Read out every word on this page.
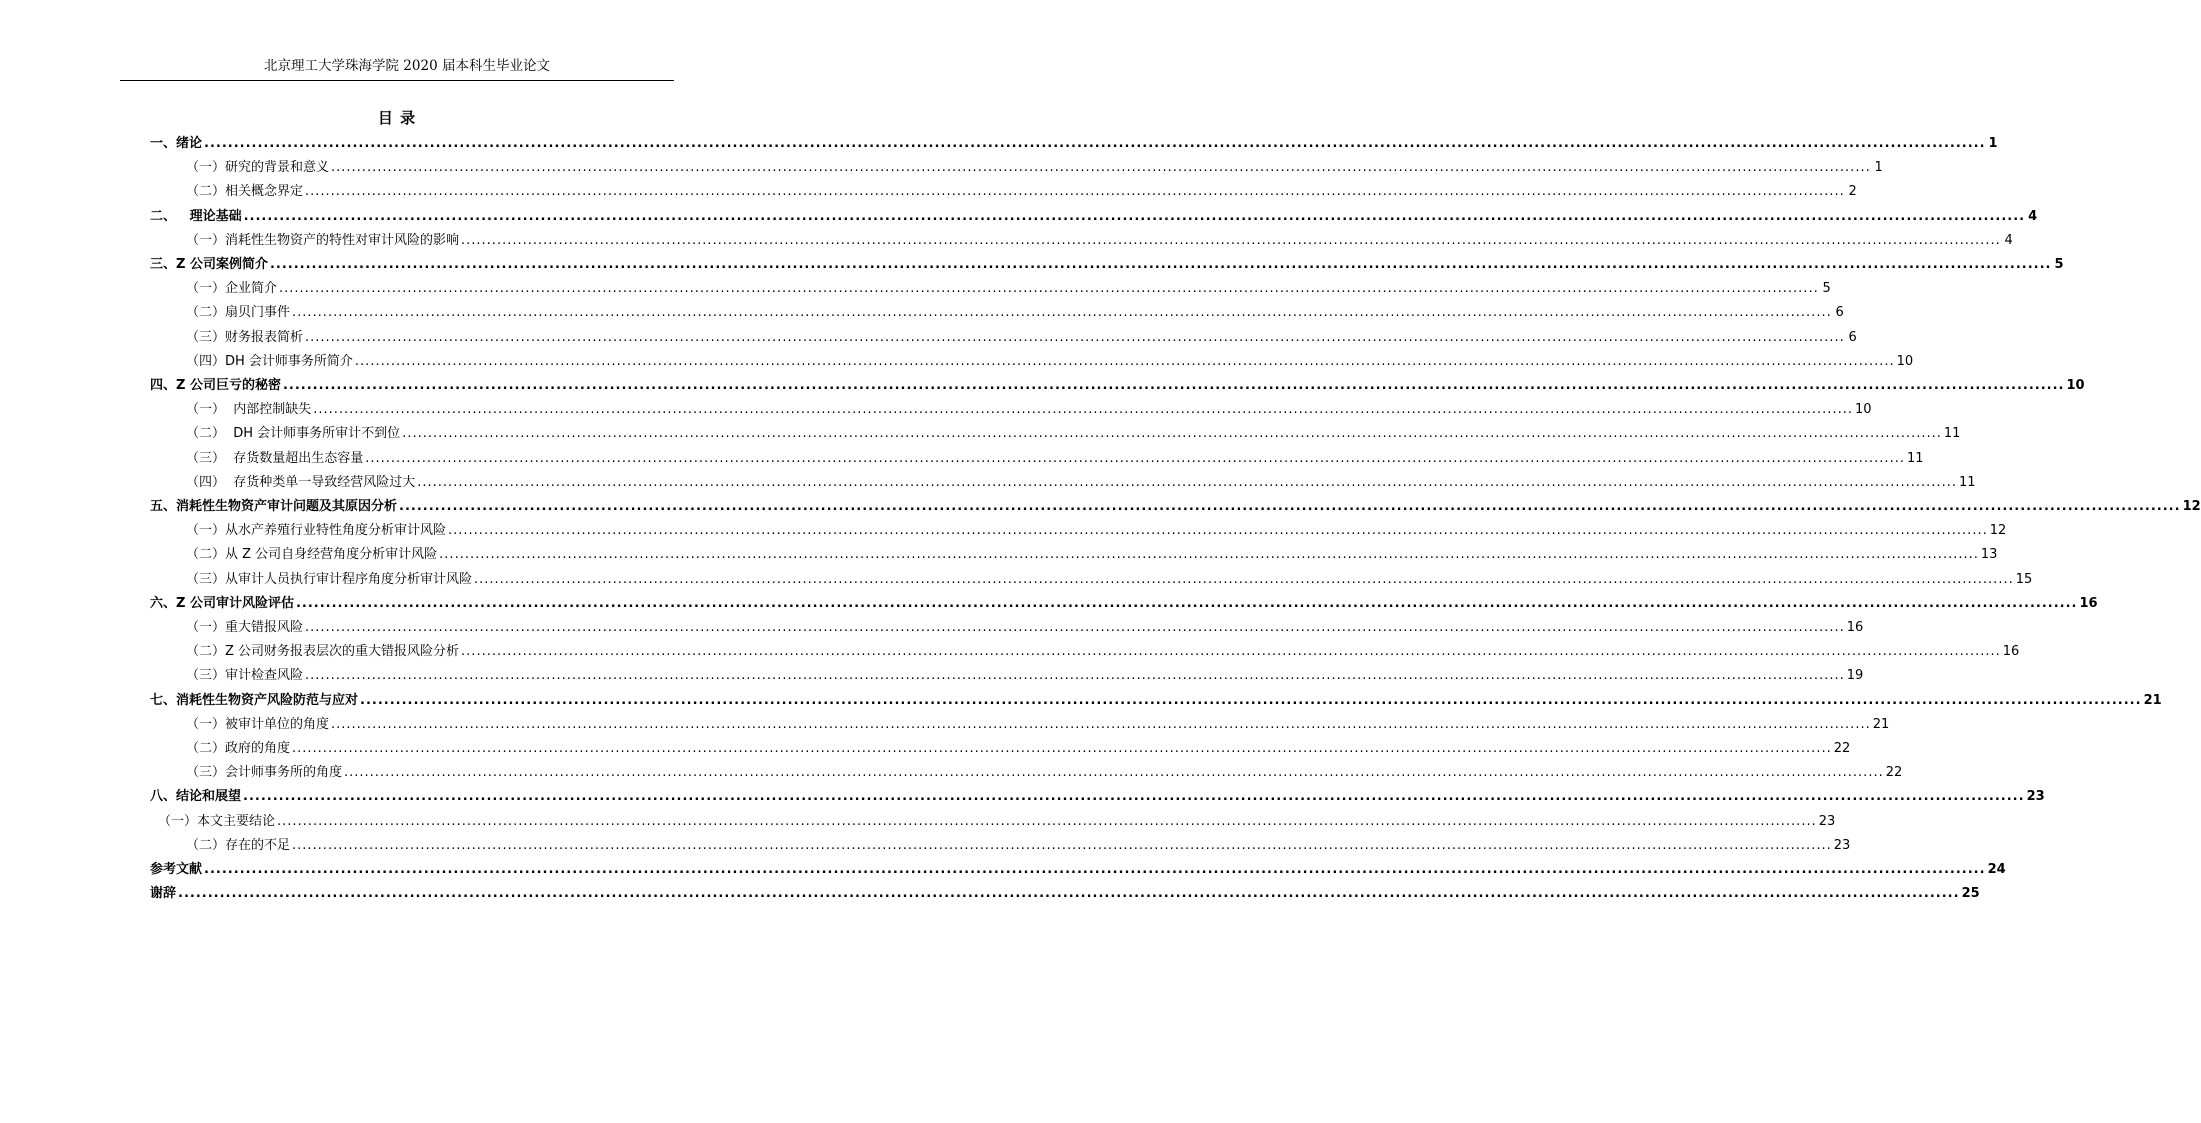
北京理工大学珠海学院 2020 届本科生毕业论文
目 录
一、绪论 ............................................................................................................................................................................................................................................................................................................ 1
（一）研究的背景和意义 ............................................................................................................................................................................................................................................................................................................ 1
（二）相关概念界定 ............................................................................................................................................................................................................................................................................................................ 2
二、   理论基础 ............................................................................................................................................................................................................................................................................................................ 4
（一）消耗性生物资产的特性对审计风险的影响 ............................................................................................................................................................................................................................................................................................................ 4
三、Z 公司案例简介 ............................................................................................................................................................................................................................................................................................................ 5
（一）企业简介 ............................................................................................................................................................................................................................................................................................................ 5
（二）扇贝门事件 ............................................................................................................................................................................................................................................................................................................ 6
（三）财务报表简析 ............................................................................................................................................................................................................................................................................................................ 6
（四）DH 会计师事务所简介 ............................................................................................................................................................................................................................................................................................................ 10
四、Z 公司巨亏的秘密 ............................................................................................................................................................................................................................................................................................................ 10
（一）  内部控制缺失 ............................................................................................................................................................................................................................................................................................................ 10
（二）  DH 会计师事务所审计不到位 ............................................................................................................................................................................................................................................................................................................ 11
（三）  存货数量超出生态容量 ............................................................................................................................................................................................................................................................................................................ 11
（四）  存货种类单一导致经营风险过大 ............................................................................................................................................................................................................................................................................................................ 11
五、消耗性生物资产审计问题及其原因分析 ............................................................................................................................................................................................................................................................................................................ 12
（一）从水产养殖行业特性角度分析审计风险 ............................................................................................................................................................................................................................................................................................................ 12
（二）从 Z 公司自身经营角度分析审计风险 ............................................................................................................................................................................................................................................................................................................ 13
（三）从审计人员执行审计程序角度分析审计风险 ............................................................................................................................................................................................................................................................................................................ 15
六、Z 公司审计风险评估 ............................................................................................................................................................................................................................................................................................................ 16
（一）重大错报风险 ............................................................................................................................................................................................................................................................................................................ 16
（二）Z 公司财务报表层次的重大错报风险分析 ............................................................................................................................................................................................................................................................................................................ 16
（三）审计检查风险 ............................................................................................................................................................................................................................................................................................................ 19
七、消耗性生物资产风险防范与应对 ............................................................................................................................................................................................................................................................................................................ 21
（一）被审计单位的角度 ............................................................................................................................................................................................................................................................................................................ 21
（二）政府的角度 ............................................................................................................................................................................................................................................................................................................ 22
（三）会计师事务所的角度 ............................................................................................................................................................................................................................................................................................................ 22
八、结论和展望 ............................................................................................................................................................................................................................................................................................................ 23
（一）本文主要结论 ............................................................................................................................................................................................................................................................................................................ 23
（二）存在的不足 ............................................................................................................................................................................................................................................................................................................ 23
参考文献 ............................................................................................................................................................................................................................................................................................................ 24
谢辞 ............................................................................................................................................................................................................................................................................................................ 25
